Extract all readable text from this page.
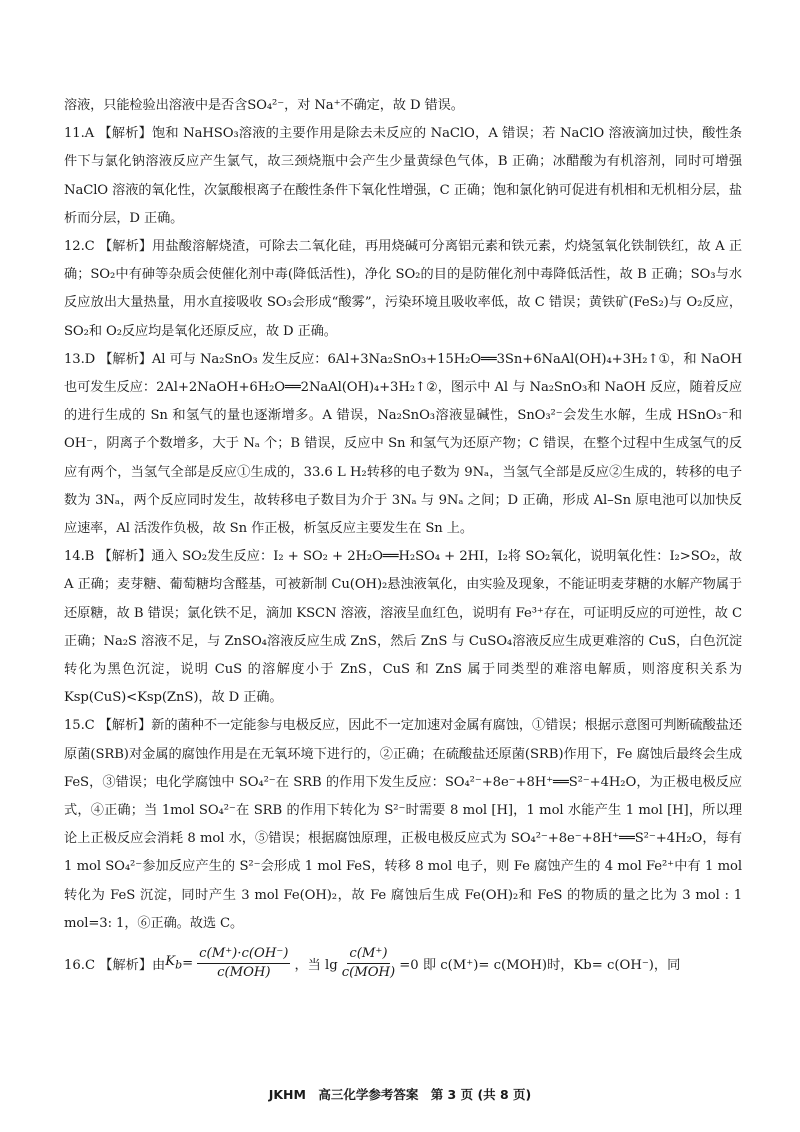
溶液，只能检验出溶液中是否含SO₄²⁻，对 Na⁺不确定，故 D 错误。

11.A 【解析】饱和 NaHSO₃溶液的主要作用是除去未反应的 NaClO，A 错误；若 NaClO 溶液滴加过快，酸性条件下与氯化钠溶液反应产生氯气，故三颈烧瓶中会产生少量黄绿色气体，B 正确；冰醋酸为有机溶剂，同时可增强 NaClO 溶液的氧化性，次氯酸根离子在酸性条件下氧化性增强，C 正确；饱和氯化钠可促进有机相和无机相分层，盐析而分层，D 正确。

12.C 【解析】用盐酸溶解烧渣，可除去二氧化硅，再用烧碱可分离铝元素和铁元素，灼烧氢氧化铁制铁红，故 A 正确；SO₂中有砷等杂质会使催化剂中毒(降低活性)，净化 SO₂的目的是防催化剂中毒降低活性，故 B 正确；SO₃与水反应放出大量热量，用水直接吸收 SO₃会形成“酸雾”，污染环境且吸收率低，故 C 错误；黄铁矿(FeS₂)与 O₂反应，SO₂和 O₂反应均是氧化还原反应，故 D 正确。

13.D 【解析】Al 可与 Na₂SnO₃ 发生反应：6Al+3Na₂SnO₃+15H₂O══3Sn+6NaAl(OH)₄+3H₂↑①，和 NaOH 也可发生反应：2Al+2NaOH+6H₂O══2NaAl(OH)₄+3H₂↑②，图示中 Al 与 Na₂SnO₃和 NaOH 反应，随着反应的进行生成的 Sn 和氢气的量也逐渐增多。A 错误，Na₂SnO₃溶液显碱性，SnO₃²⁻会发生水解，生成 HSnO₃⁻和 OH⁻，阴离子个数增多，大于 Nₐ 个；B 错误，反应中 Sn 和氢气为还原产物；C 错误，在整个过程中生成氢气的反应有两个，当氢气全部是反应①生成的，33.6 L H₂转移的电子数为 9Nₐ，当氢气全部是反应②生成的，转移的电子数为 3Nₐ，两个反应同时发生，故转移电子数目为介于 3Nₐ 与 9Nₐ 之间；D 正确，形成 Al–Sn 原电池可以加快反应速率，Al 活泼作负极，故 Sn 作正极，析氢反应主要发生在 Sn 上。

14.B 【解析】通入 SO₂发生反应：I₂ + SO₂ + 2H₂O══H₂SO₄ + 2HI，I₂将 SO₂氧化，说明氧化性：I₂>SO₂，故 A 正确；麦芽糖、葡萄糖均含醛基，可被新制 Cu(OH)₂悬浊液氧化，由实验及现象，不能证明麦芽糖的水解产物属于还原糖，故 B 错误；氯化铁不足，滴加 KSCN 溶液，溶液呈血红色，说明有 Fe³⁺存在，可证明反应的可逆性，故 C 正确；Na₂S 溶液不足，与 ZnSO₄溶液反应生成 ZnS，然后 ZnS 与 CuSO₄溶液反应生成更难溶的 CuS，白色沉淀转化为黑色沉淀，说明 CuS 的溶解度小于 ZnS，CuS 和 ZnS 属于同类型的难溶电解质，则溶度积关系为 Ksp(CuS)<Ksp(ZnS)，故 D 正确。

15.C 【解析】新的菌种不一定能参与电极反应，因此不一定加速对金属有腐蚀，①错误；根据示意图可判断硫酸盐还原菌(SRB)对金属的腐蚀作用是在无氧环境下进行的，②正确；在硫酸盐还原菌(SRB)作用下，Fe 腐蚀后最终会生成 FeS，③错误；电化学腐蚀中 SO₄²⁻在 SRB 的作用下发生反应：SO₄²⁻+8e⁻+8H⁺══S²⁻+4H₂O，为正极电极反应式，④正确；当 1mol SO₄²⁻在 SRB 的作用下转化为 S²⁻时需要 8 mol [H]，1 mol 水能产生 1 mol [H]，所以理论上正极反应会消耗 8 mol 水，⑤错误；根据腐蚀原理，正极电极反应式为 SO₄²⁻+8e⁻+8H⁺══S²⁻+4H₂O，每有 1 mol SO₄²⁻参加反应产生的 S²⁻会形成 1 mol FeS，转移 8 mol 电子，则 Fe 腐蚀产生的 4 mol Fe²⁺中有 1 mol 转化为 FeS 沉淀，同时产生 3 mol Fe(OH)₂，故 Fe 腐蚀后生成 Fe(OH)₂和 FeS 的物质的量之比为 3 mol : 1 mol=3: 1，⑥正确。故选 C。

16.C 【解析】由 $K_b = \frac{c(M^+)\cdot c(OH^-)}{\text{c(MOH)}}$ ，当 $\lg \frac{c(M^+)}{\text{c(MOH)}} =0$ 即 c(M⁺)= c(MOH)时，Kb= c(OH⁻)，同
JKHM 高三化学参考答案 第 3 页 (共 8 页)
